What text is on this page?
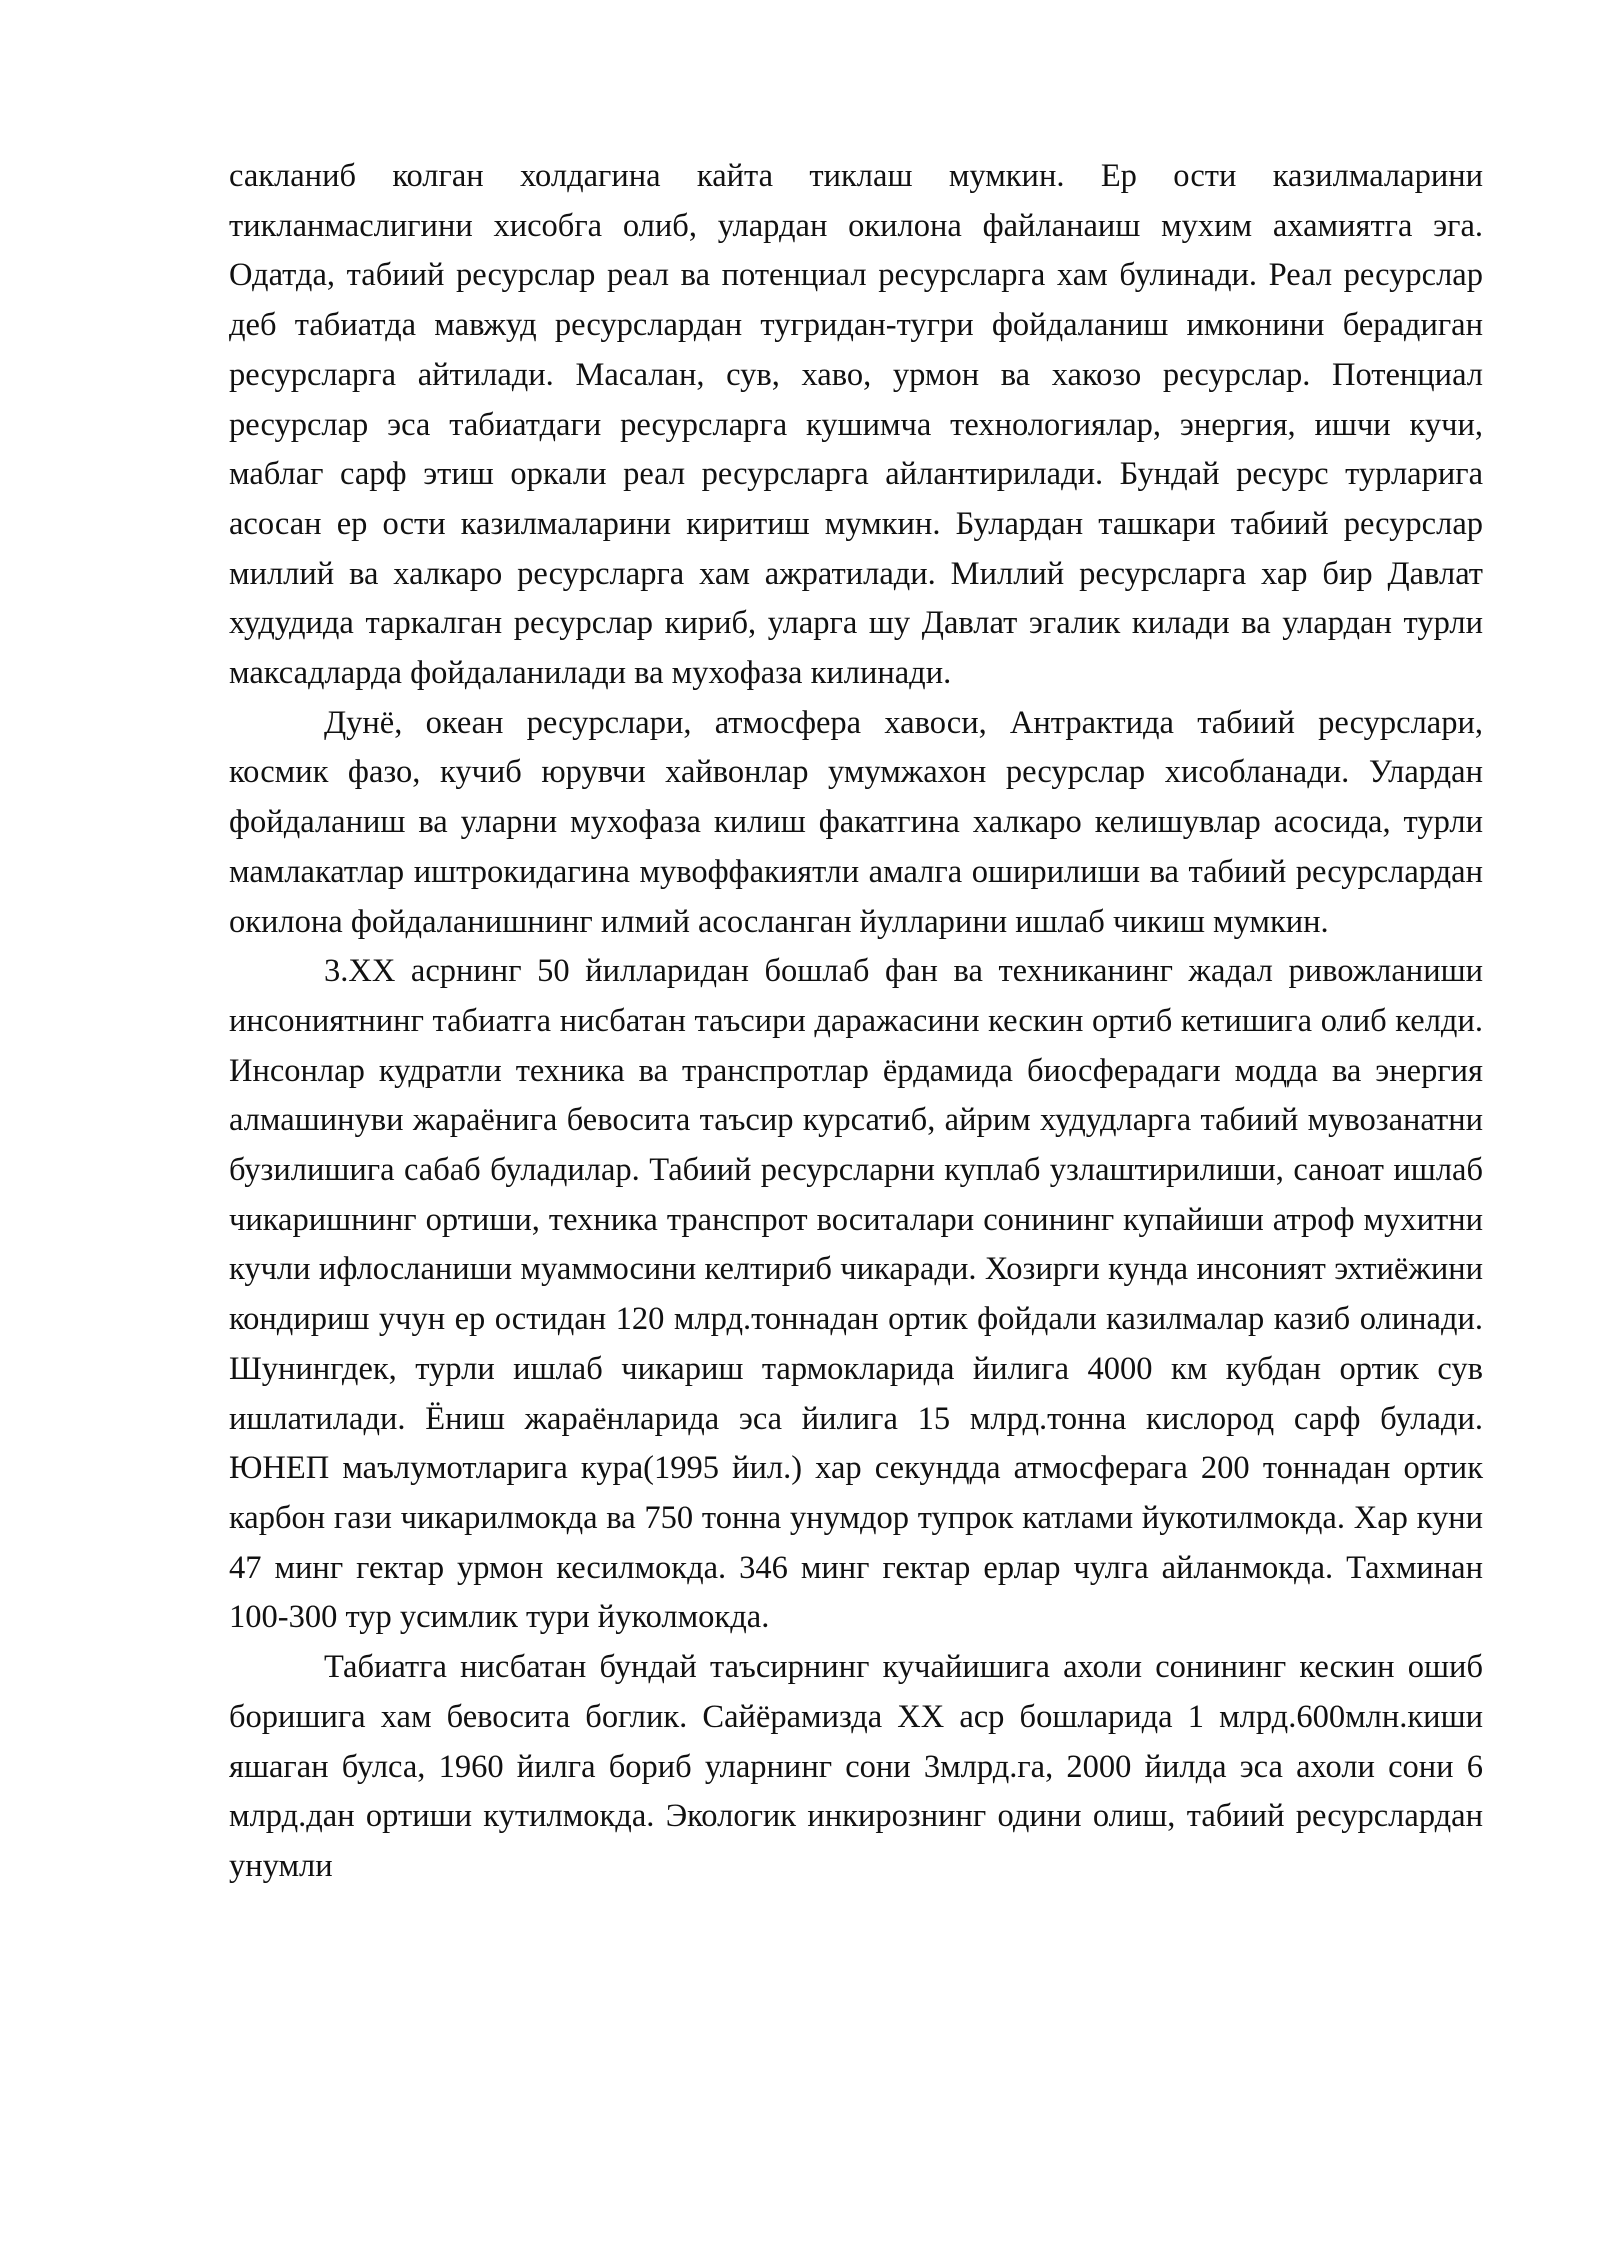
сакланиб колган холдагина кайта тиклаш мумкин. Ер ости казилмаларини тикланмаслигини хисобга олиб, улардан окилона файланаиш мухим ахамиятга эга. Одатда, табиий ресурслар реал ва потенциал ресурсларга хам булинади. Реал ресурслар деб табиатда мавжуд ресурслардан тугридан-тугри фойдаланиш имконини берадиган ресурсларга айтилади. Масалан, сув, хаво, урмон ва хакозо ресурслар. Потенциал ресурслар эса табиатдаги ресурсларга кушимча технологиялар, энергия, ишчи кучи, маблаг сарф этиш оркали реал ресурсларга айлантирилади. Бундай ресурс турларига асосан ер ости казилмаларини киритиш мумкин. Булардан ташкари табиий ресурслар миллий ва халкаро ресурсларга хам ажратилади. Миллий ресурсларга хар бир Давлат худудида таркалган ресурслар кириб, уларга шу Давлат эгалик килади ва улардан турли максадларда фойдаланилади ва мухофаза килинади.

Дунё, океан ресурслари, атмосфера хавоси, Антрактида табиий ресурслари, космик фазо, кучиб юрувчи хайвонлар умумжахон ресурслар хисобланади. Улардан фойдаланиш ва уларни мухофаза килиш факатгина халкаро келишувлар асосида, турли мамлакатлар иштрокидагина мувоффакиятли амалга оширилиши ва табиий ресурслардан окилона фойдаланишнинг илмий асосланган йулларини ишлаб чикиш мумкин.

3.XX асрнинг 50 йилларидан бошлаб фан ва техниканинг жадал ривожланиши инсониятнинг табиатга нисбатан таъсири даражасини кескин ортиб кетишига олиб келди. Инсонлар кудратли техника ва транспротлар ёрдамида биосферадаги модда ва энергия алмашинуви жараёнига бевосита таъсир курсатиб, айрим худудларга табиий мувозанатни бузилишига сабаб буладилар. Табиий ресурсларни куплаб узлаштирилиши, саноат ишлаб чикаришнинг ортиши, техника транспрот воситалари сонининг купайиши атроф мухитни кучли ифлосланиши муаммосини келтириб чикаради. Хозирги кунда инсоният эхтиёжини кондириш учун ер остидан 120 млрд.тоннадан ортик фойдали казилмалар казиб олинади. Шунингдек, турли ишлаб чикариш тармокларида йилига 4000 км кубдан ортик сув ишлатилади. Ёниш жараёнларида эса йилига 15 млрд.тонна кислород сарф булади. ЮНЕП маълумотларига кура(1995 йил.) хар секундда атмосферага 200 тоннадан ортик карбон гази чикарилмокда ва 750 тонна унумдор тупрок катлами йукотилмокда. Хар куни 47 минг гектар урмон кесилмокда. 346 минг гектар ерлар чулга айланмокда. Тахминан 100-300 тур усимлик тури йуколмокда.

Табиатга нисбатан бундай таъсирнинг кучайишига ахоли сонининг кескин ошиб боришига хам бевосита боглик. Сайёрамизда XX аср бошларида 1 млрд.600млн.киши яшаган булса, 1960 йилга бориб уларнинг сони 3млрд.га, 2000 йилда эса ахоли сони 6 млрд.дан ортиши кутилмокда. Экологик инкирознинг одини олиш, табиий ресурслардан унумли
